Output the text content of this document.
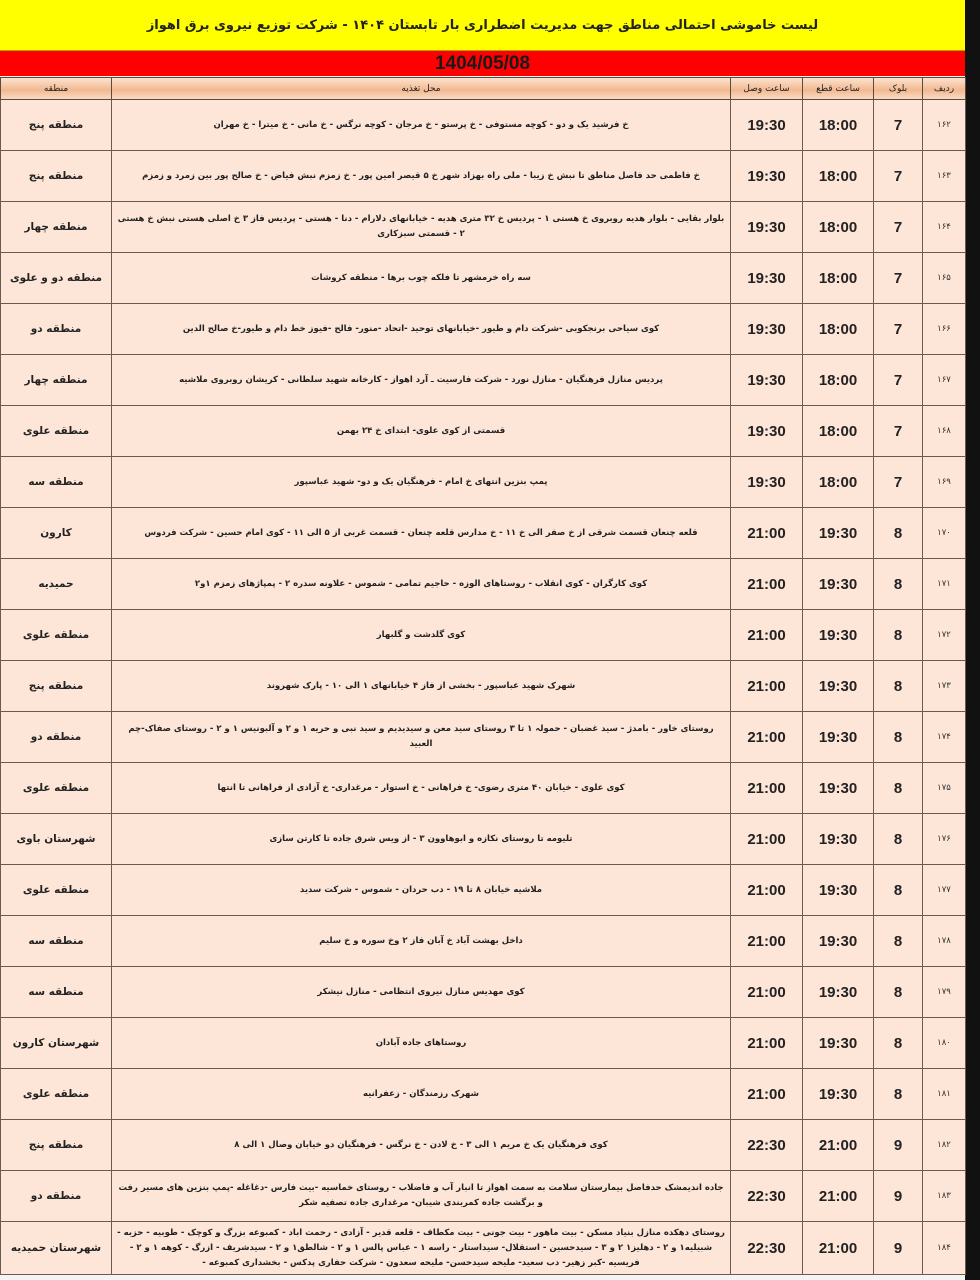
لیست خاموشی احتمالی مناطق جهت مدیریت اضطراری بار تابستان ۱۴۰۴ - شرکت توزیع نیروی برق اهواز
1404/05/08
ردیف	بلوک	ساعت قطع	ساعت وصل	محل تغذیه	منطقه
۱۶۲	7	18:00	19:30	خ فرشید یک و دو - کوچه مستوفی - خ پرستو - خ مرجان - کوچه نرگس - خ مانی - خ میترا - خ مهران	منطقه پنج
۱۶۳	7	18:00	19:30	خ فاطمی حد فاصل مناطق تا نبش خ زیبا - ملی راه بهزاد شهر خ ۵ قیصر امین پور - خ زمزم نبش فیاض - خ صالح پور بین زمرد و زمزم	منطقه پنج
۱۶۴	7	18:00	19:30	بلوار بقایی - بلوار هدیه روبروی خ هستی ۱ - پردیس خ ۳۲ متری هدیه - خیابانهای دلارام - دنا - هستی - پردیس فاز ۳ خ اصلی هستی نبش خ هستی ۲ - قسمتی سبزکاری	منطقه چهار
۱۶۵	7	18:00	19:30	سه راه خرمشهر تا فلکه چوب برها - منطقه کروشات	منطقه دو و علوی
۱۶۶	7	18:00	19:30	کوی سیاحی برنجکوبی -شرکت دام و طیور -خیابانهای توحید -اتحاد -منور- فالح -فیوز خط دام و طیور-خ صالح الدین	منطقه دو
۱۶۷	7	18:00	19:30	پردیس منازل فرهنگیان - منازل نورد - شرکت فارسیت ـ آرد اهواز - کارخانه شهید سلطانی - کریشان روبروی ملاشیه	منطقه چهار
۱۶۸	7	18:00	19:30	قسمتی از کوی علوی- ابتدای خ ۲۴ بهمن	منطقه علوی
۱۶۹	7	18:00	19:30	پمپ بنزین انتهای خ امام - فرهنگیان یک و دو- شهید عباسپور	منطقه سه
۱۷۰	8	19:30	21:00	قلعه چنعان قسمت شرقی از خ صفر الی خ ۱۱ - خ مدارس قلعه چنعان - قسمت غربی از ۵ الی ۱۱ - کوی امام حسین - شرکت فردوس	کارون
۱۷۱	8	19:30	21:00	کوی کارگران - کوی انقلاب - روستاهای الوزه - حاجیم تمامی - شموس - علاونه سدره ۲ - پمپاژهای زمزم ۱و۲	حمیدیه
۱۷۲	8	19:30	21:00	کوی گلدشت و گلبهار	منطقه علوی
۱۷۳	8	19:30	21:00	شهرک شهید عباسپور - بخشی از فاز ۴ خیابانهای ۱ الی ۱۰ - پارک شهروند	منطقه پنج
۱۷۴	8	19:30	21:00	روستای خاور - بامدژ - سید غضبان - حمولہ ۱ تا ۳ روستای سید معن و سیدیدیم و سید نبی و حریه ۱ و ۲ و آلبونیس ۱ و ۲ - روستای صفاک-چم العبید	منطقه دو
۱۷۵	8	19:30	21:00	کوی علوی - خیابان ۴۰ متری رضوی- خ فراهانی - خ استوار - مرغداری- خ آزادی از فراهانی تا انتها	منطقه علوی
۱۷۶	8	19:30	21:00	تلیومه تا روستای نکازه و ابوهاوون ۳ - از ویس شرق جاده تا کارتن سازی	شهرستان باوی
۱۷۷	8	19:30	21:00	ملاشیه خیابان ۸ تا ۱۹ - دب حردان - شموس - شرکت سدید	منطقه علوی
۱۷۸	8	19:30	21:00	داخل بهشت آباد خ آبان فاز ۲ وخ سوره و خ سلیم	منطقه سه
۱۷۹	8	19:30	21:00	کوی مهدیس منازل نیروی انتظامی - منازل نیشکر	منطقه سه
۱۸۰	8	19:30	21:00	روستاهای جاده آبادان	شهرستان کارون
۱۸۱	8	19:30	21:00	شهرک رزمندگان - زعفرانیه	منطقه علوی
۱۸۲	9	21:00	22:30	کوی فرهنگیان یک خ مریم ۱ الی ۳ - خ لادن - خ نرگس - فرهنگیان دو خیابان وصال ۱ الی ۸	منطقه پنج
۱۸۳	9	21:00	22:30	جاده اندیمشک حدفاصل بیمارستان سلامت به سمت اهواز تا انبار آب و فاضلاب - روستای خماسیه -بیت فارس -دغاغله -پمپ بنزین های مسیر رفت و برگشت جاده کمربندی شیبان- مرغداری جاده تصفیه شکر	منطقه دو
۱۸۴	9	21:00	22:30	روستای دهکده منازل بنیاد مسکن - بیت ماهور - بیت جونی - بیت مکطاف - قلعه قدیر - آزادی - رحمت اباد - کمبوعه بزرگ و کوچک - طوبیه - حزبه - شبیلیه۱ و ۲ - دهلیز۱ ۲ و ۳ - سیدحسین - استقلال- سیداستار - راسه ۱ - عباس پالس ۱ و ۲ - شالطق۱ و ۲ - سیدشریف - ازرگ - کوهه ۱ و ۲ - فریسیه -کبر زهیر- دب سعید- ملیحه سیدحسن- ملیحه سعدون - شرکت حفاری پدکس - بخشداری کمبوعه -	شهرستان حمیدیه
